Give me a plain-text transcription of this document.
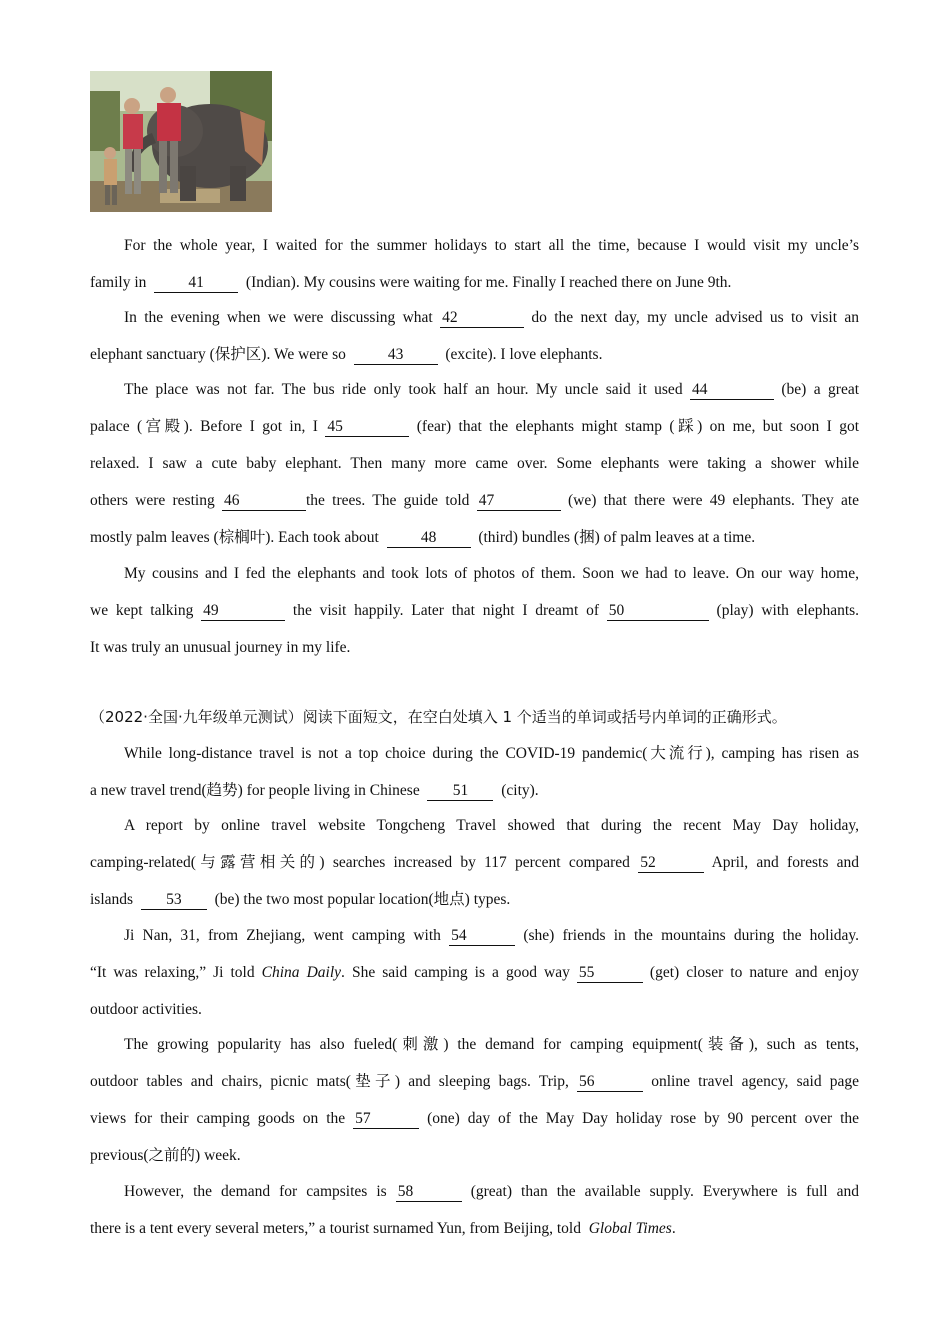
For the whole year, I waited for the summer holidays to start all the time, because I would visit my uncle’s
family in	41	(Indian). My cousins were waiting for me. Finally I reached there on June 9th.
In the evening when we were discussing what 42	do the next day, my uncle advised us to visit an
elephant sanctuary (保护区). We were so	43	(excite). I love elephants.
The place was not far. The bus ride only took half an hour. My uncle said it used 44	(be) a great
palace (宫殿). Before I got in, I 45	(fear) that the elephants might stamp (踩) on me, but soon I got
relaxed. I saw a cute baby elephant. Then many more came over. Some elephants were taking a shower while
others were resting 46	the trees. The guide told 47	(we) that there were 49 elephants. They ate
mostly palm leaves (棕榈叶). Each took about	48	(third) bundles (捆) of palm leaves at a time.
My cousins and I fed the elephants and took lots of photos of them. Soon we had to leave. On our way home,
we kept talking 49	the visit happily. Later that night I dreamt of 50	(play) with elephants.
It was truly an unusual journey in my life.
（2022·全国·九年级单元测试）阅读下面短文，在空白处填入 1 个适当的单词或括号内单词的正确形式。
While long-distance travel is not a top choice during the COVID-19 pandemic(大流行), camping has risen as
a new travel trend(趋势) for people living in Chinese 51 (city).
A report by online travel website Tongcheng Travel showed that during the recent May Day holiday,
camping-related(与露营相关的) searches increased by 117 percent compared 52	April, and forests and
islands 53 (be) the two most popular location(地点) types.
Ji Nan, 31, from Zhejiang, went camping with 54	(she) friends in the mountains during the holiday.
“It was relaxing,” Ji told China Daily. She said camping is a good way 55	(get) closer to nature and enjoy
outdoor activities.
The growing popularity has also fueled(刺激) the demand for camping equipment(装备), such as tents,
outdoor tables and chairs, picnic mats(垫子) and sleeping bags. Trip, 56	online travel agency, said page
views for their camping goods on the 57	(one) day of the May Day holiday rose by 90 percent over the
previous(之前的) week.
However, the demand for campsites is 58	(great) than the available supply. Everywhere is full and
there is a tent every several meters,” a tourist surnamed Yun, from Beijing, told Global Times.
